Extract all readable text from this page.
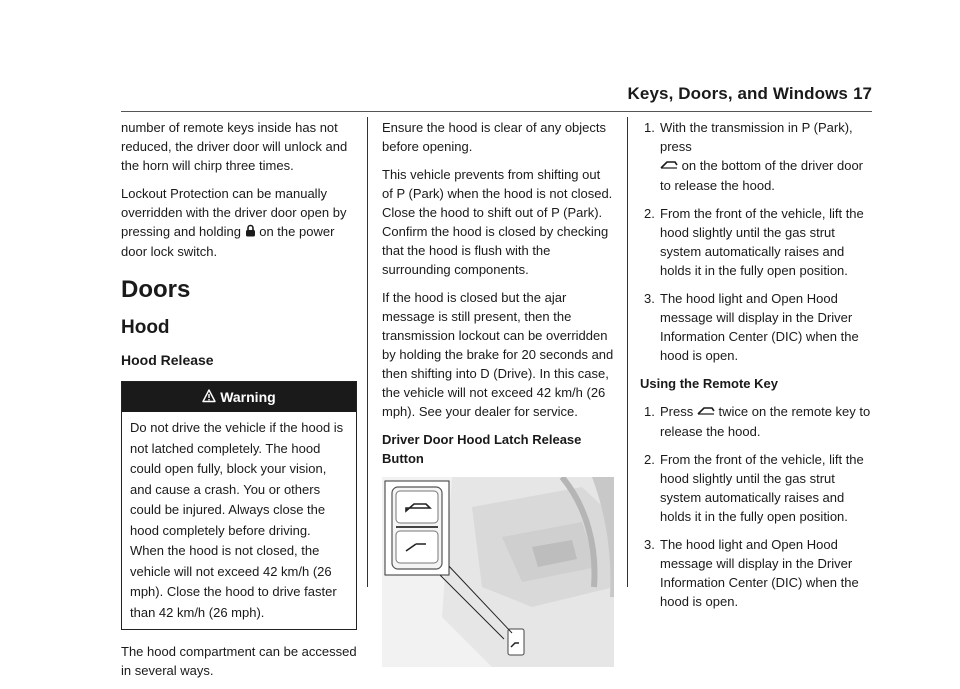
Keys, Doors, and Windows 17

number of remote keys inside has not reduced, the driver door will unlock and the horn will chirp three times.

Lockout Protection can be manually overridden with the driver door open by pressing and holding on the power door lock switch.

Doors
Hood
Hood Release
Warning
Do not drive the vehicle if the hood is not latched completely. The hood could open fully, block your vision, and cause a crash. You or others could be injured. Always close the hood completely before driving. When the hood is not closed, the vehicle will not exceed 42 km/h (26 mph). Close the hood to drive faster than 42 km/h (26 mph).

The hood compartment can be accessed in several ways.

Ensure the hood is clear of any objects before opening.

This vehicle prevents from shifting out of P (Park) when the hood is not closed. Close the hood to shift out of P (Park). Confirm the hood is closed by checking that the hood is flush with the surrounding components.

If the hood is closed but the ajar message is still present, then the transmission lockout can be overridden by holding the brake for 20 seconds and then shifting into D (Drive). In this case, the vehicle will not exceed 42 km/h (26 mph). See your dealer for service.

Driver Door Hood Latch Release Button

1. With the transmission in P (Park), press
on the bottom of the driver door to release the hood.
2. From the front of the vehicle, lift the hood slightly until the gas strut system automatically raises and holds it in the fully open position.
3. The hood light and Open Hood message will display in the Driver Information Center (DIC) when the hood is open.

Using the Remote Key

1. Press twice on the remote key to release the hood.
2. From the front of the vehicle, lift the hood slightly until the gas strut system automatically raises and holds it in the fully open position.
3. The hood light and Open Hood message will display in the Driver Information Center (DIC) when the hood is open.
